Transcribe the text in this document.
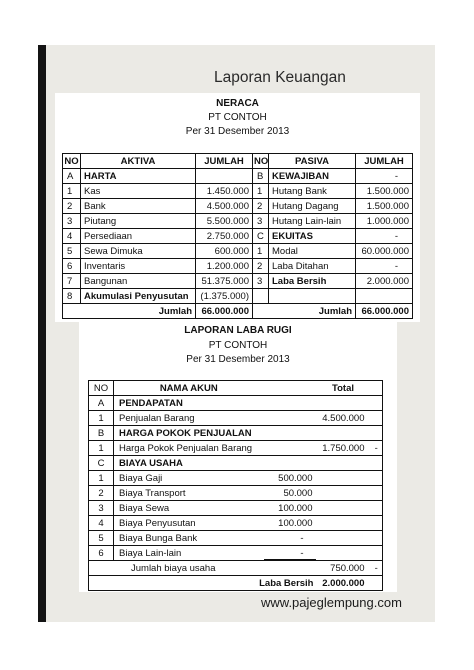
Laporan Keuangan
NERACA
PT CONTOH
Per 31 Desember 2013
NO	AKTIVA	JUMLAH	NO	PASIVA	JUMLAH
A	HARTA		B	KEWAJIBAN	-
1	Kas	1.450.000	1	Hutang Bank	1.500.000
2	Bank	4.500.000	2	Hutang Dagang	1.500.000
3	Piutang	5.500.000	3	Hutang Lain-lain	1.000.000
4	Persediaan	2.750.000	C	EKUITAS	-
5	Sewa Dimuka	600.000	1	Modal	60.000.000
6	Inventaris	1.200.000	2	Laba Ditahan	-
7	Bangunan	51.375.000	3	Laba Bersih	2.000.000
8	Akumulasi Penyusutan	(1.375.000)			
Jumlah		66.000.000	Jumlah		66.000.000
LAPORAN LABA RUGI
PT CONTOH
Per 31 Desember 2013
NO	NAMA AKUN		Total	
A	PENDAPATAN			
1	Penjualan Barang		4.500.000	
B	HARGA POKOK PENJUALAN			
1	Harga Pokok Penjualan Barang		1.750.000	-
C	BIAYA USAHA			
1	Biaya Gaji	500.000		
2	Biaya Transport	50.000		
3	Biaya Sewa	100.000		
4	Biaya Penyusutan	100.000		
5	Biaya Bunga Bank	-		
6	Biaya Lain-lain	-		
Jumlah biaya usaha			750.000	-
Laba Bersih			2.000.000	
www.pajeglempung.com
